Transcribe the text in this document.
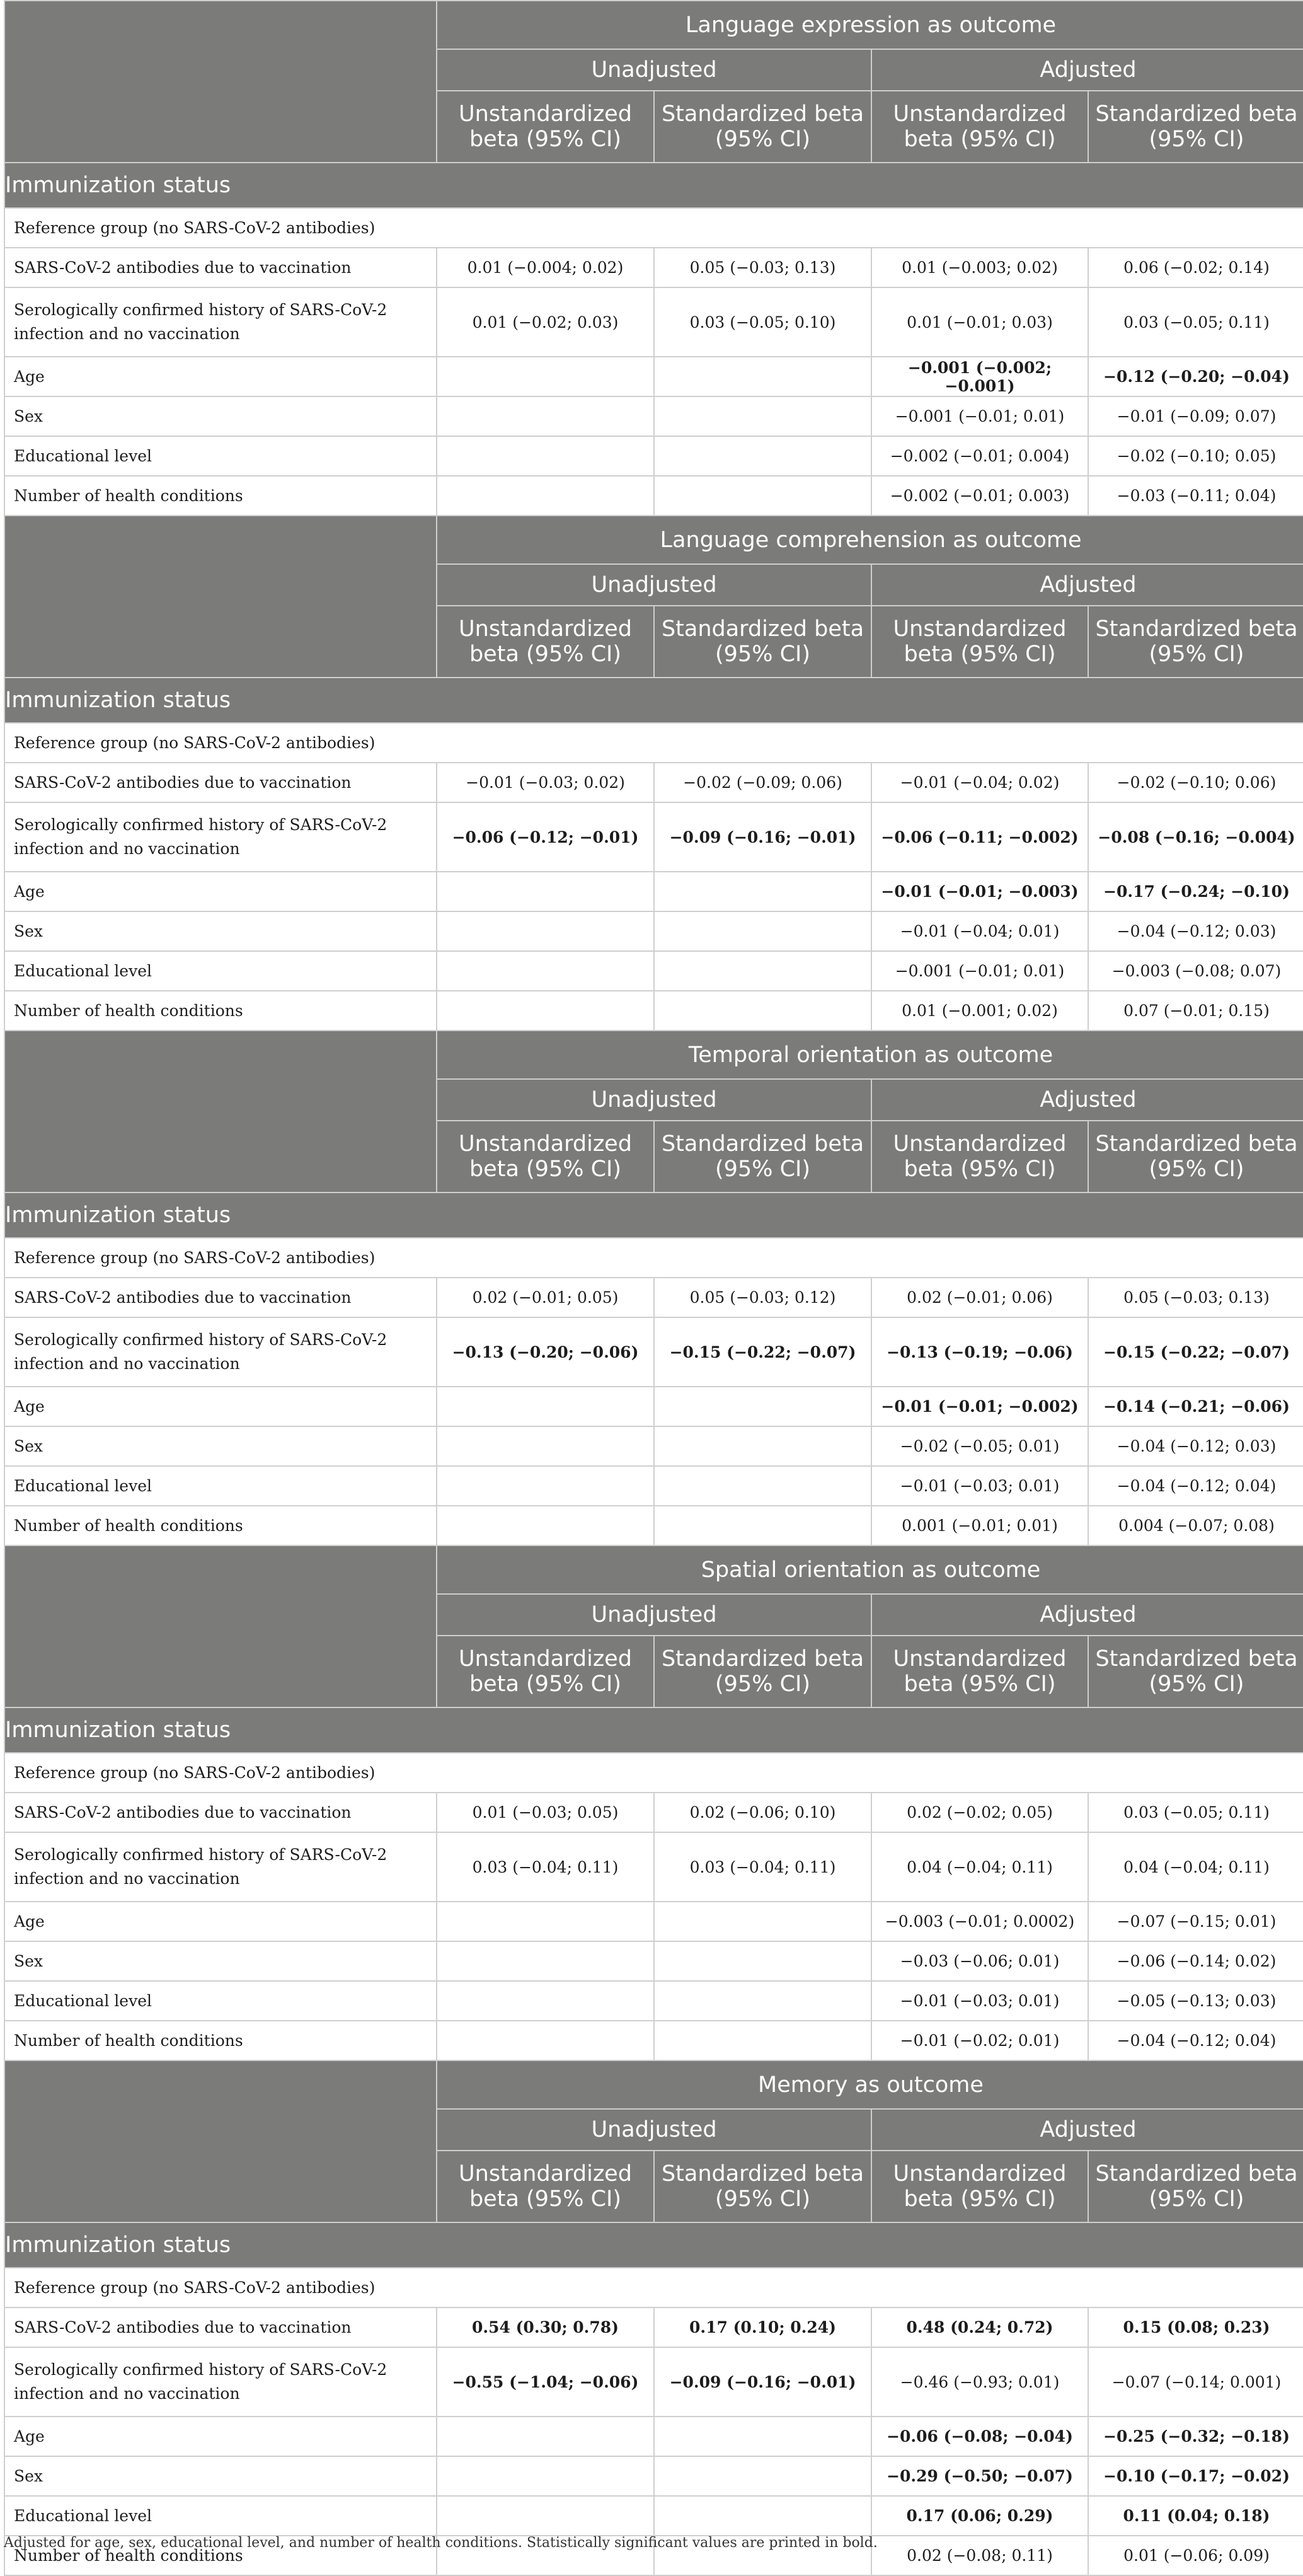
	Language expression as outcome			
	Unadjusted		Adjusted	
	Unstandardized beta (95% CI)	Standardized beta (95% CI)	Unstandardized beta (95% CI)	Standardized beta (95% CI)
Immunization status				
Reference group (no SARS-CoV-2 antibodies)				
SARS-CoV-2 antibodies due to vaccination	0.01 (−0.004; 0.02)	0.05 (−0.03; 0.13)	0.01 (−0.003; 0.02)	0.06 (−0.02; 0.14)
Serologically confirmed history of SARS-CoV-2 infection and no vaccination	0.01 (−0.02; 0.03)	0.03 (−0.05; 0.10)	0.01 (−0.01; 0.03)	0.03 (−0.05; 0.11)
Age			−0.001 (−0.002; −0.001)	−0.12 (−0.20; −0.04)
Sex			−0.001 (−0.01; 0.01)	−0.01 (−0.09; 0.07)
Educational level			−0.002 (−0.01; 0.004)	−0.02 (−0.10; 0.05)
Number of health conditions			−0.002 (−0.01; 0.003)	−0.03 (−0.11; 0.04)
	Language comprehension as outcome			
	Unadjusted		Adjusted	
	Unstandardized beta (95% CI)	Standardized beta (95% CI)	Unstandardized beta (95% CI)	Standardized beta (95% CI)
Immunization status				
Reference group (no SARS-CoV-2 antibodies)				
SARS-CoV-2 antibodies due to vaccination	−0.01 (−0.03; 0.02)	−0.02 (−0.09; 0.06)	−0.01 (−0.04; 0.02)	−0.02 (−0.10; 0.06)
Serologically confirmed history of SARS-CoV-2 infection and no vaccination	−0.06 (−0.12; −0.01)	−0.09 (−0.16; −0.01)	−0.06 (−0.11; −0.002)	−0.08 (−0.16; −0.004)
Age			−0.01 (−0.01; −0.003)	−0.17 (−0.24; −0.10)
Sex			−0.01 (−0.04; 0.01)	−0.04 (−0.12; 0.03)
Educational level			−0.001 (−0.01; 0.01)	−0.003 (−0.08; 0.07)
Number of health conditions			0.01 (−0.001; 0.02)	0.07 (−0.01; 0.15)
	Temporal orientation as outcome			
	Unadjusted		Adjusted	
	Unstandardized beta (95% CI)	Standardized beta (95% CI)	Unstandardized beta (95% CI)	Standardized beta (95% CI)
Immunization status				
Reference group (no SARS-CoV-2 antibodies)				
SARS-CoV-2 antibodies due to vaccination	0.02 (−0.01; 0.05)	0.05 (−0.03; 0.12)	0.02 (−0.01; 0.06)	0.05 (−0.03; 0.13)
Serologically confirmed history of SARS-CoV-2 infection and no vaccination	−0.13 (−0.20; −0.06)	−0.15 (−0.22; −0.07)	−0.13 (−0.19; −0.06)	−0.15 (−0.22; −0.07)
Age			−0.01 (−0.01; −0.002)	−0.14 (−0.21; −0.06)
Sex			−0.02 (−0.05; 0.01)	−0.04 (−0.12; 0.03)
Educational level			−0.01 (−0.03; 0.01)	−0.04 (−0.12; 0.04)
Number of health conditions			0.001 (−0.01; 0.01)	0.004 (−0.07; 0.08)
	Spatial orientation as outcome			
	Unadjusted		Adjusted	
	Unstandardized beta (95% CI)	Standardized beta (95% CI)	Unstandardized beta (95% CI)	Standardized beta (95% CI)
Immunization status				
Reference group (no SARS-CoV-2 antibodies)				
SARS-CoV-2 antibodies due to vaccination	0.01 (−0.03; 0.05)	0.02 (−0.06; 0.10)	0.02 (−0.02; 0.05)	0.03 (−0.05; 0.11)
Serologically confirmed history of SARS-CoV-2 infection and no vaccination	0.03 (−0.04; 0.11)	0.03 (−0.04; 0.11)	0.04 (−0.04; 0.11)	0.04 (−0.04; 0.11)
Age			−0.003 (−0.01; 0.0002)	−0.07 (−0.15; 0.01)
Sex			−0.03 (−0.06; 0.01)	−0.06 (−0.14; 0.02)
Educational level			−0.01 (−0.03; 0.01)	−0.05 (−0.13; 0.03)
Number of health conditions			−0.01 (−0.02; 0.01)	−0.04 (−0.12; 0.04)
	Memory as outcome			
	Unadjusted		Adjusted	
	Unstandardized beta (95% CI)	Standardized beta (95% CI)	Unstandardized beta (95% CI)	Standardized beta (95% CI)
Immunization status				
Reference group (no SARS-CoV-2 antibodies)				
SARS-CoV-2 antibodies due to vaccination	0.54 (0.30; 0.78)	0.17 (0.10; 0.24)	0.48 (0.24; 0.72)	0.15 (0.08; 0.23)
Serologically confirmed history of SARS-CoV-2 infection and no vaccination	−0.55 (−1.04; −0.06)	−0.09 (−0.16; −0.01)	−0.46 (−0.93; 0.01)	−0.07 (−0.14; 0.001)
Age			−0.06 (−0.08; −0.04)	−0.25 (−0.32; −0.18)
Sex			−0.29 (−0.50; −0.07)	−0.10 (−0.17; −0.02)
Educational level			0.17 (0.06; 0.29)	0.11 (0.04; 0.18)
Number of health conditions			0.02 (−0.08; 0.11)	0.01 (−0.06; 0.09)
Adjusted for age, sex, educational level, and number of health conditions. Statistically significant values are printed in bold.
